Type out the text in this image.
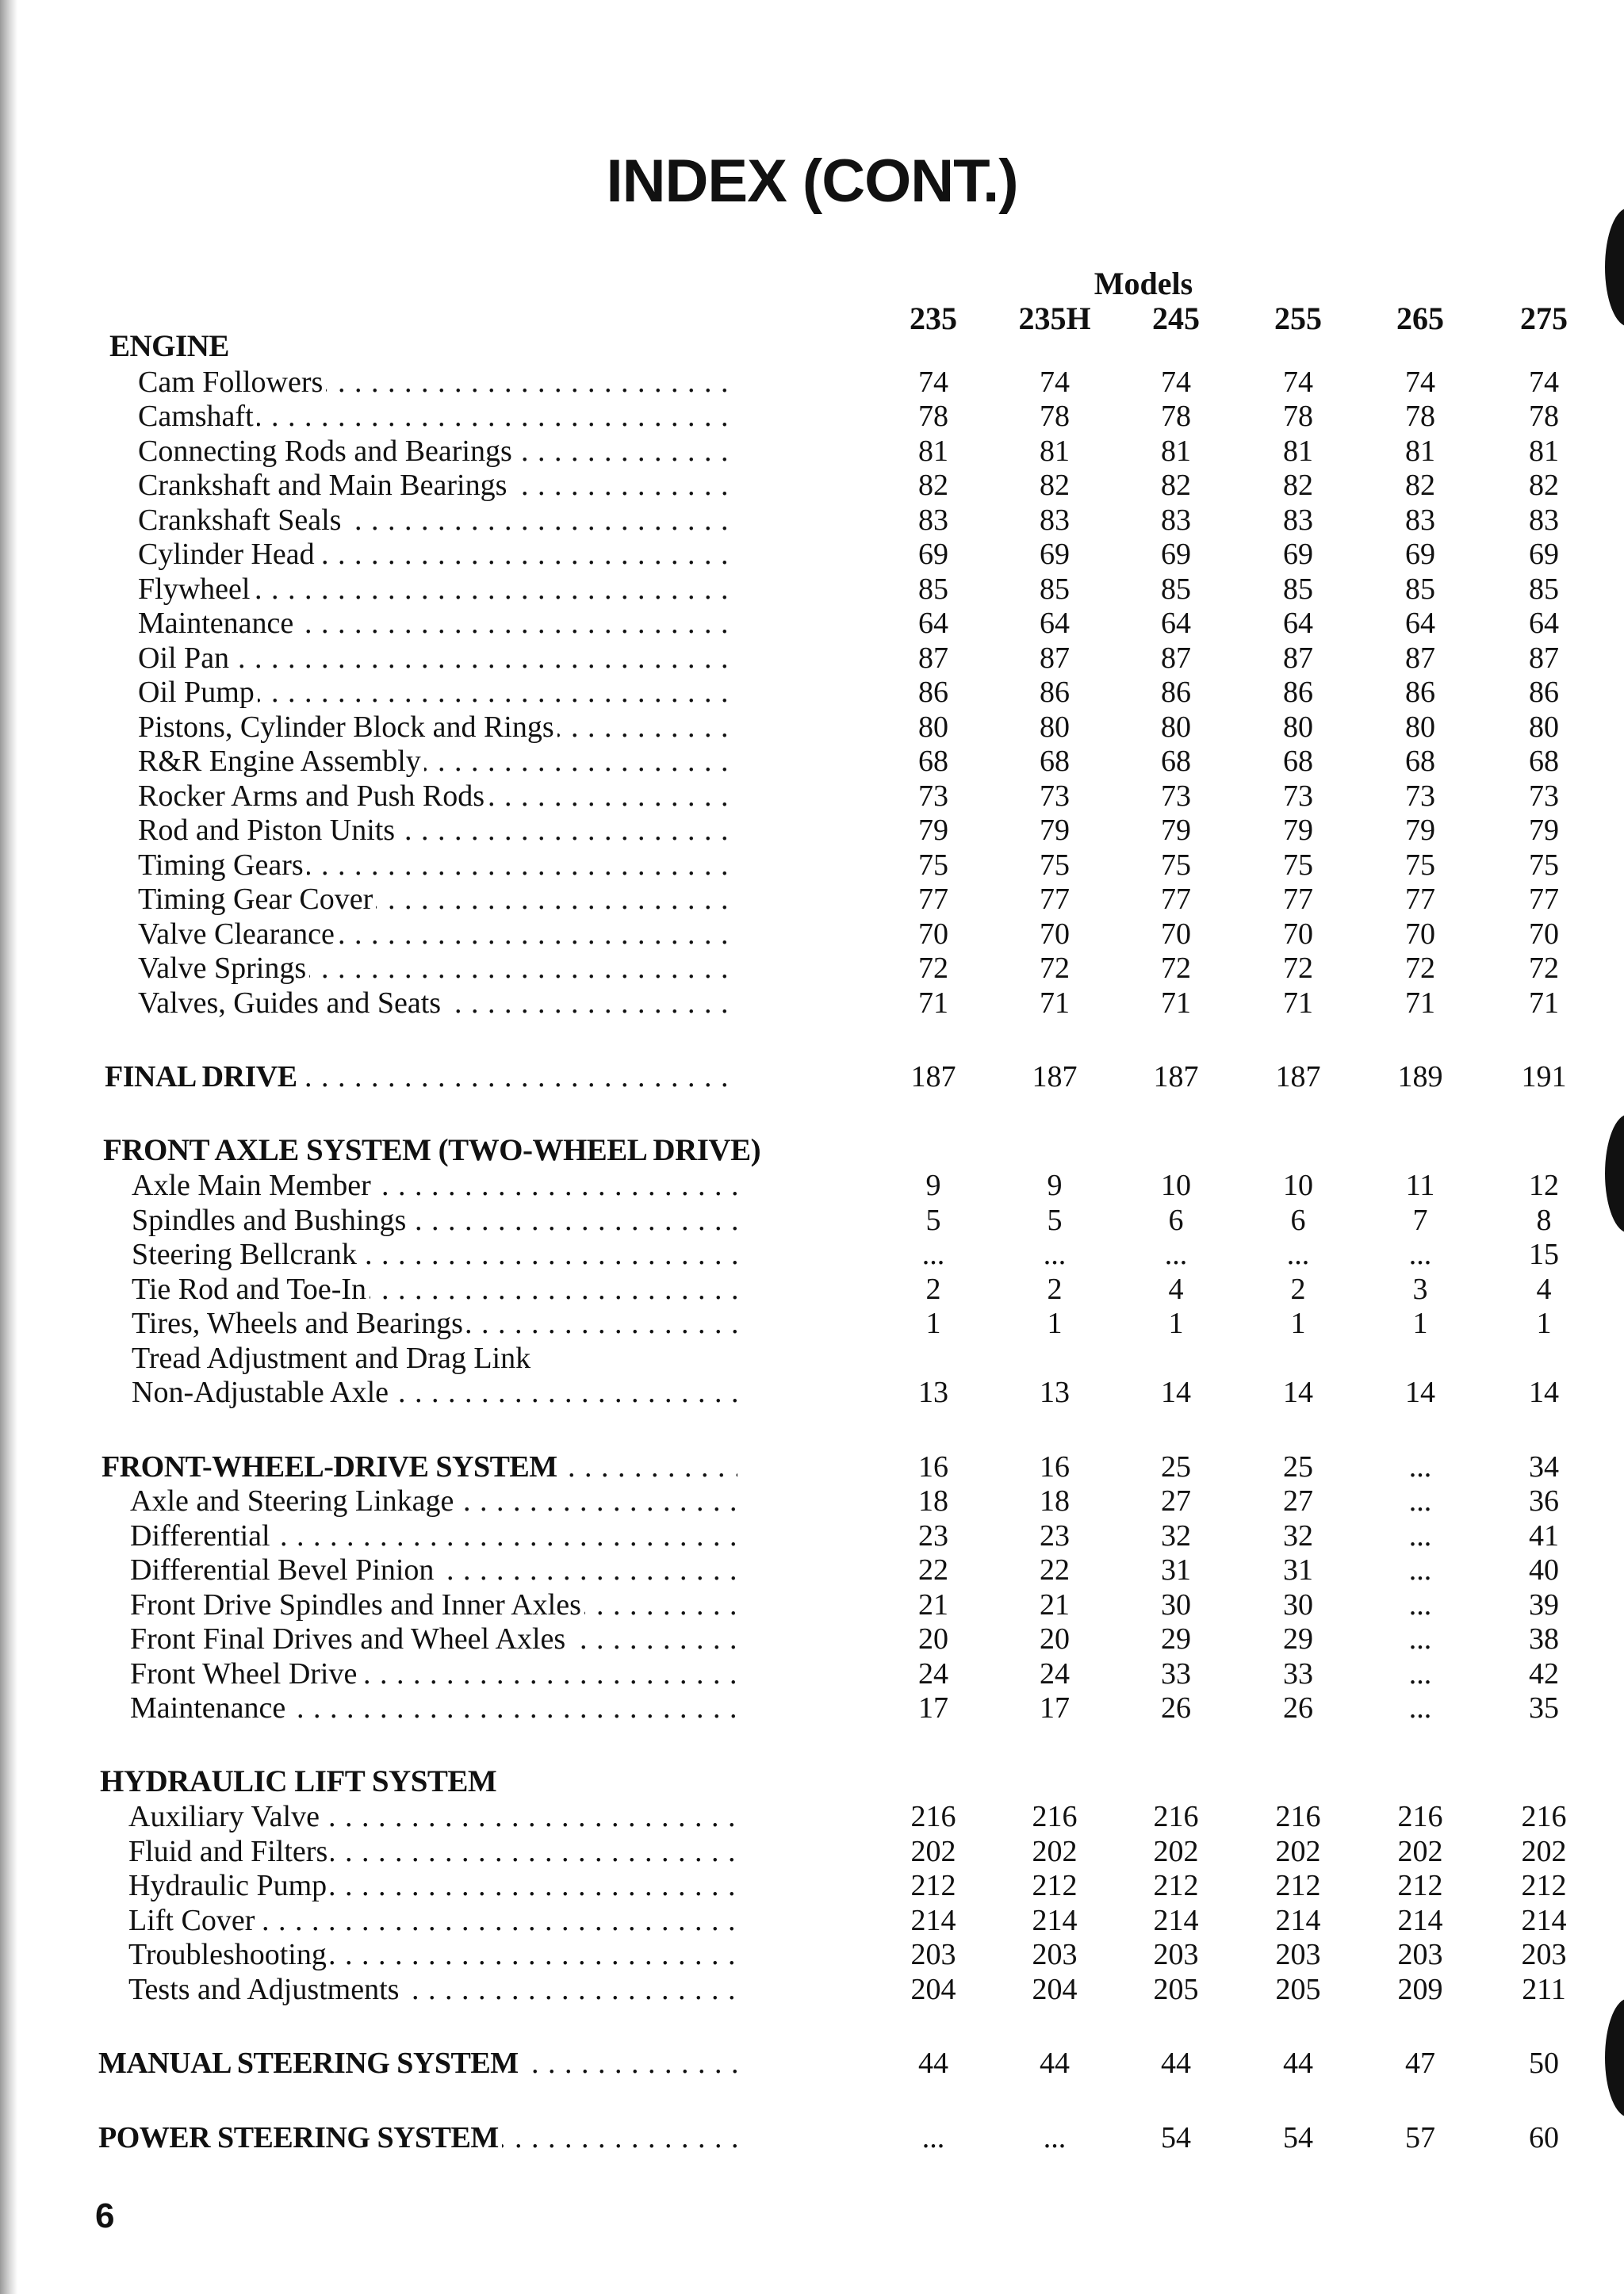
INDEX (CONT.)
Models
235	235H	245	255	265	275
ENGINE
Cam Followers . . .	74	74	74	74	74	74
Camshaft . . .	78	78	78	78	78	78
Connecting Rods and Bearings . . .	81	81	81	81	81	81
Crankshaft and Main Bearings . . .	82	82	82	82	82	82
Crankshaft Seals . . .	83	83	83	83	83	83
Cylinder Head . . .	69	69	69	69	69	69
Flywheel . . .	85	85	85	85	85	85
Maintenance . . .	64	64	64	64	64	64
Oil Pan . . .	87	87	87	87	87	87
Oil Pump . . .	86	86	86	86	86	86
Pistons, Cylinder Block and Rings . . .	80	80	80	80	80	80
R&R Engine Assembly . . .	68	68	68	68	68	68
Rocker Arms and Push Rods . . .	73	73	73	73	73	73
Rod and Piston Units . . .	79	79	79	79	79	79
Timing Gears . . .	75	75	75	75	75	75
Timing Gear Cover . . .	77	77	77	77	77	77
Valve Clearance . . .	70	70	70	70	70	70
Valve Springs . . .	72	72	72	72	72	72
Valves, Guides and Seats . . .	71	71	71	71	71	71
FINAL DRIVE . . .	187	187	187	187	189	191
FRONT AXLE SYSTEM (TWO-WHEEL DRIVE)
Axle Main Member . . .	9	9	10	10	11	12
Spindles and Bushings . . .	5	5	6	6	7	8
Steering Bellcrank . . .	...	...	...	...	...	15
Tie Rod and Toe-In . . .	2	2	4	2	3	4
Tires, Wheels and Bearings . . .	1	1	1	1	1	1
Tread Adjustment and Drag Link
Non-Adjustable Axle . . .	13	13	14	14	14	14
FRONT-WHEEL-DRIVE SYSTEM . . .	16	16	25	25	...	34
Axle and Steering Linkage . . .	18	18	27	27	...	36
Differential . . .	23	23	32	32	...	41
Differential Bevel Pinion . . .	22	22	31	31	...	40
Front Drive Spindles and Inner Axles . . .	21	21	30	30	...	39
Front Final Drives and Wheel Axles . . .	20	20	29	29	...	38
Front Wheel Drive . . .	24	24	33	33	...	42
Maintenance . . .	17	17	26	26	...	35
HYDRAULIC LIFT SYSTEM
Auxiliary Valve . . .	216	216	216	216	216	216
Fluid and Filters . . .	202	202	202	202	202	202
Hydraulic Pump . . .	212	212	212	212	212	212
Lift Cover . . .	214	214	214	214	214	214
Troubleshooting . . .	203	203	203	203	203	203
Tests and Adjustments . . .	204	204	205	205	209	211
MANUAL STEERING SYSTEM . . .	44	44	44	44	47	50
POWER STEERING SYSTEM . . .	...	...	54	54	57	60
6
